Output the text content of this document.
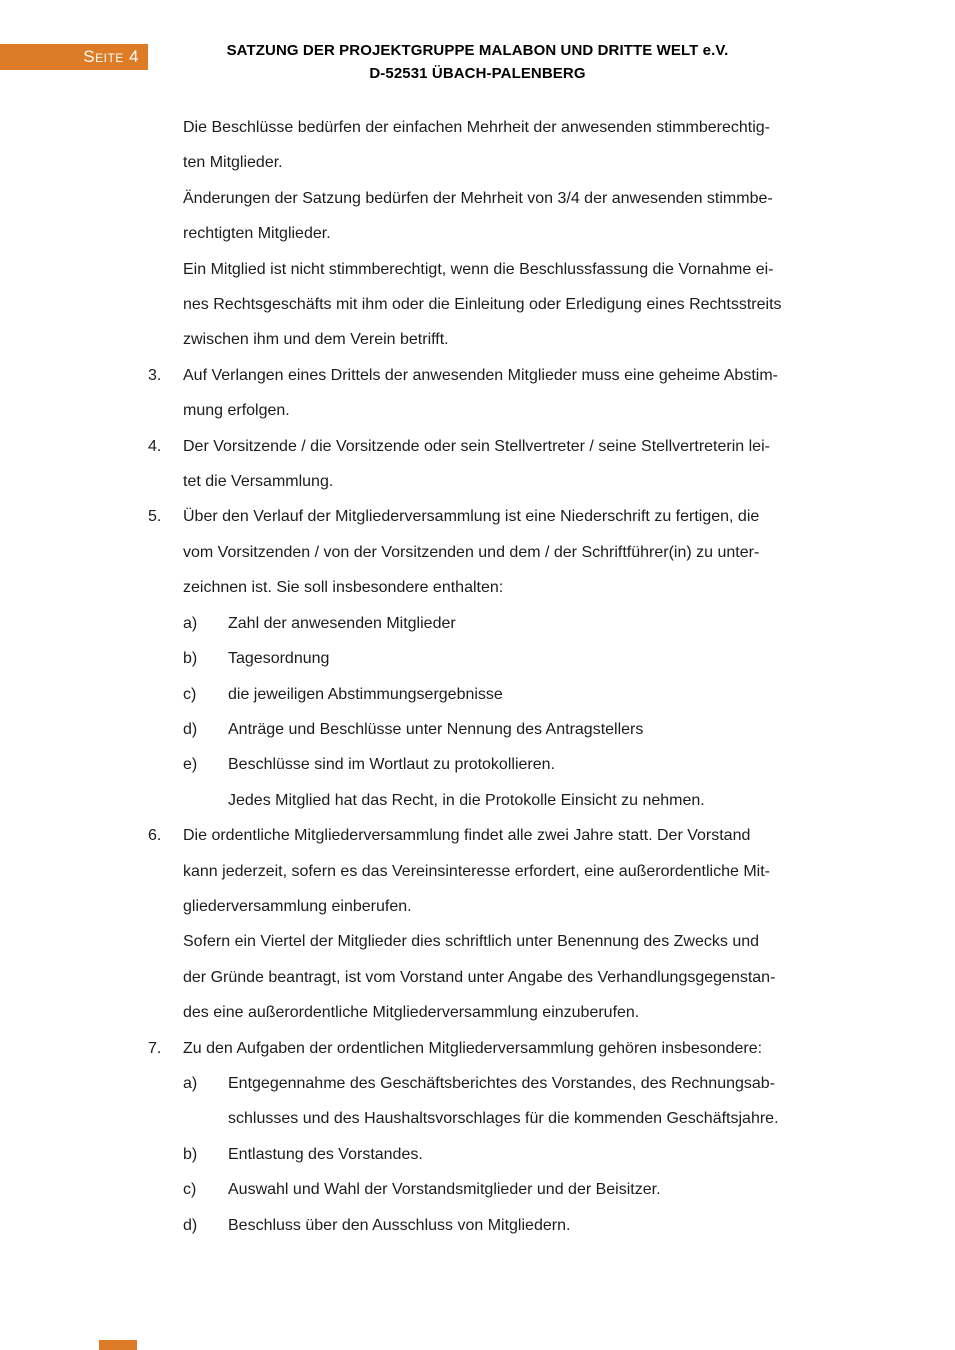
Seite 4	SATZUNG DER PROJEKTGRUPPE MALABON UND DRITTE WELT e.V.
D-52531 ÜBACH-PALENBERG
Die Beschlüsse bedürfen der einfachen Mehrheit der anwesenden stimmberechtig-
ten Mitglieder.
Änderungen der Satzung bedürfen der Mehrheit von 3/4 der anwesenden stimmbe-
rechtigten Mitglieder.
Ein Mitglied ist nicht stimmberechtigt, wenn die Beschlussfassung die Vornahme ei-
nes Rechtsgeschäfts mit ihm oder die Einleitung oder Erledigung eines Rechtsstreits
zwischen ihm und dem Verein betrifft.
3.	Auf Verlangen eines Drittels der anwesenden Mitglieder muss eine geheime Abstim-
mung erfolgen.
4.	Der Vorsitzende / die Vorsitzende oder sein Stellvertreter / seine Stellvertreterin lei-
tet die Versammlung.
5.	Über den Verlauf der Mitgliederversammlung ist eine Niederschrift zu fertigen, die
vom Vorsitzenden / von der Vorsitzenden und dem / der Schriftführer(in) zu unter-
zeichnen ist. Sie soll insbesondere enthalten:
a)	Zahl der anwesenden Mitglieder
b)	Tagesordnung
c)	die jeweiligen Abstimmungsergebnisse
d)	Anträge und Beschlüsse unter Nennung des Antragstellers
e)	Beschlüsse sind im Wortlaut zu protokollieren.
Jedes Mitglied hat das Recht, in die Protokolle Einsicht zu nehmen.
6.	Die ordentliche Mitgliederversammlung findet alle zwei Jahre statt. Der Vorstand
kann jederzeit, sofern es das Vereinsinteresse erfordert, eine außerordentliche Mit-
gliederversammlung einberufen.
Sofern ein Viertel der Mitglieder dies schriftlich unter Benennung des Zwecks und
der Gründe beantragt, ist vom Vorstand unter Angabe des Verhandlungsgegenstan-
des eine außerordentliche Mitgliederversammlung einzuberufen.
7.	Zu den Aufgaben der ordentlichen Mitgliederversammlung gehören insbesondere:
a)	Entgegennahme des Geschäftsberichtes des Vorstandes, des Rechnungsab-
schlusses und des Haushaltsvorschlages für die kommenden Geschäftsjahre.
b)	Entlastung des Vorstandes.
c)	Auswahl und Wahl der Vorstandsmitglieder und der Beisitzer.
d)	Beschluss über den Ausschluss von Mitgliedern.
